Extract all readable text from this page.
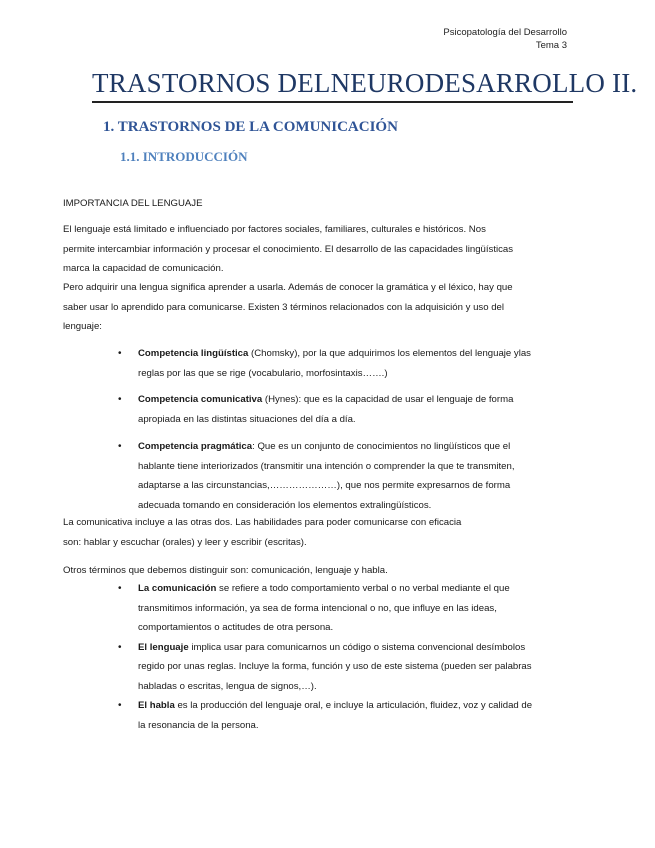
Psicopatología del Desarrollo
Tema 3
TRASTORNOS DELNEURODESARROLLO II.
1. TRASTORNOS DE LA COMUNICACIÓN
1.1. INTRODUCCIÓN
IMPORTANCIA DEL LENGUAJE
El lenguaje está limitado e influenciado por factores sociales, familiares, culturales e históricos. Nos
permite intercambiar información y procesar el conocimiento. El desarrollo de las capacidades lingüísticas
marca la capacidad de comunicación.
Pero adquirir una lengua significa aprender a usarla. Además de conocer la gramática y el léxico, hay que
saber usar lo aprendido para comunicarse. Existen 3 términos relacionados con la adquisición y uso del
lenguaje:
• Competencia lingüística (Chomsky), por la que adquirimos los elementos del lenguaje ylas
reglas por las que se rige (vocabulario, morfosintaxis…….)
• Competencia comunicativa (Hynes): que es la capacidad de usar el lenguaje de forma
apropiada en las distintas situaciones del día a día.
• Competencia pragmática: Que es un conjunto de conocimientos no lingüísticos que el
hablante tiene interiorizados (transmitir una intención o comprender la que te transmiten,
adaptarse a las circunstancias,…………………), que nos permite expresarnos de forma
adecuada tomando en consideración los elementos extralingüísticos.
La comunicativa incluye a las otras dos. Las habilidades para poder comunicarse con eficacia
son: hablar y escuchar (orales) y leer y escribir (escritas).
Otros términos que debemos distinguir son: comunicación, lenguaje y habla.
• La comunicación se refiere a todo comportamiento verbal o no verbal mediante el que
transmitimos información, ya sea de forma intencional o no, que influye en las ideas,
comportamientos o actitudes de otra persona.
• El lenguaje implica usar para comunicarnos un código o sistema convencional desímbolos
regido por unas reglas. Incluye la forma, función y uso de este sistema (pueden ser palabras
habladas o escritas, lengua de signos,…).
• El habla es la producción del lenguaje oral, e incluye la articulación, fluidez, voz y calidad de
la resonancia de la persona.
